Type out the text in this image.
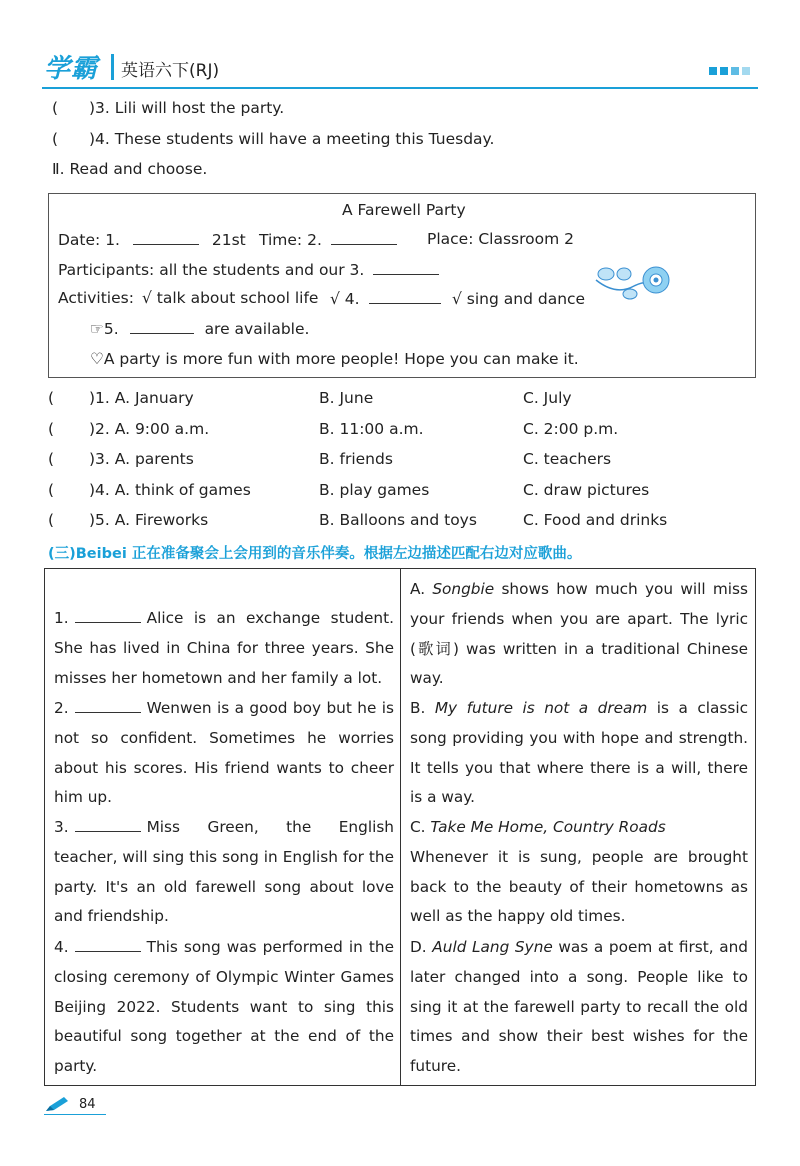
学霸 英语六下(RJ)
( )3. Lili will host the party.
( )4. These students will have a meeting this Tuesday.
Ⅱ. Read and choose.
A Farewell Party
Date: 1.	21st Time: 2.	Place: Classroom 2
Participants: all the students and our 3.
Activities: √ talk about school life √ 4.	√ sing and dance
☞5.	are available.
♡A party is more fun with more people! Hope you can make it.
( )1. A. January	B. June	C. July
( )2. A. 9:00 a.m.	B. 11:00 a.m.	C. 2:00 p.m.
( )3. A. parents	B. friends	C. teachers
( )4. A. think of games	B. play games	C. draw pictures
( )5. A. Fireworks	B. Balloons and toys	C. Food and drinks
(三)Beibei 正在准备聚会上会用到的音乐伴奏。根据左边描述匹配右边对应歌曲。
1.	Alice is an exchange student. She has lived in China for three years. She misses her hometown and her family a lot.
2.	Wenwen is a good boy but he is not so confident. Sometimes he worries about his scores. His friend wants to cheer him up.
3.	Miss Green, the English teacher, will sing this song in English for the party. It's an old farewell song about love and friendship.
4.	This song was performed in the closing ceremony of Olympic Winter Games Beijing 2022. Students want to sing this beautiful song together at the end of the party.
A. Songbie shows how much you will miss your friends when you are apart. The lyric (歌词) was written in a traditional Chinese way.
B. My future is not a dream is a classic song providing you with hope and strength. It tells you that where there is a will, there is a way.
C. Take Me Home, Country Roads
Whenever it is sung, people are brought back to the beauty of their hometowns as well as the happy old times.
D. Auld Lang Syne was a poem at first, and later changed into a song. People like to sing it at the farewell party to recall the old times and show their best wishes for the future.
84
